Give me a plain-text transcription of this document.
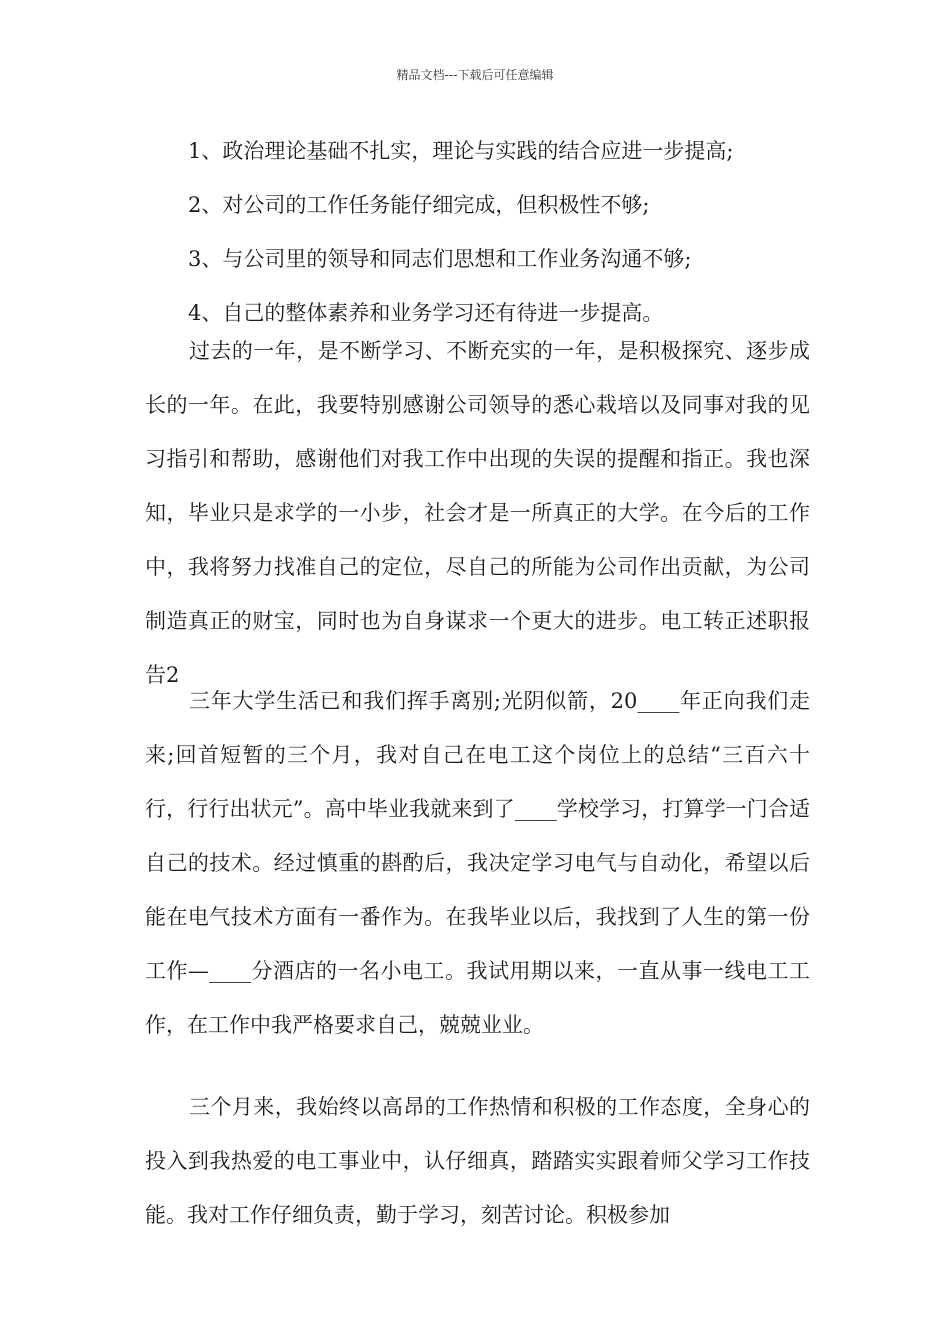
精品文档---下载后可任意编辑
1、政治理论基础不扎实，理论与实践的结合应进一步提高;
2、对公司的工作任务能仔细完成，但积极性不够;
3、与公司里的领导和同志们思想和工作业务沟通不够;
4、自己的整体素养和业务学习还有待进一步提高。

过去的一年，是不断学习、不断充实的一年，是积极探究、逐步成长的一年。在此，我要特别感谢公司领导的悉心栽培以及同事对我的见习指引和帮助，感谢他们对我工作中出现的失误的提醒和指正。我也深知，毕业只是求学的一小步，社会才是一所真正的大学。在今后的工作中，我将努力找准自己的定位，尽自己的所能为公司作出贡献，为公司制造真正的财宝，同时也为自身谋求一个更大的进步。电工转正述职报告2

三年大学生活已和我们挥手离别;光阴似箭，20____年正向我们走来;回首短暂的三个月，我对自己在电工这个岗位上的总结“三百六十行，行行出状元”。高中毕业我就来到了____学校学习，打算学一门合适自己的技术。经过慎重的斟酌后，我决定学习电气与自动化，希望以后能在电气技术方面有一番作为。在我毕业以后，我找到了人生的第一份工作—____分酒店的一名小电工。我试用期以来，一直从事一线电工工作，在工作中我严格要求自己，兢兢业业。

三个月来，我始终以高昂的工作热情和积极的工作态度，全身心的投入到我热爱的电工事业中，认仔细真，踏踏实实跟着师父学习工作技能。我对工作仔细负责，勤于学习，刻苦讨论。积极参加
